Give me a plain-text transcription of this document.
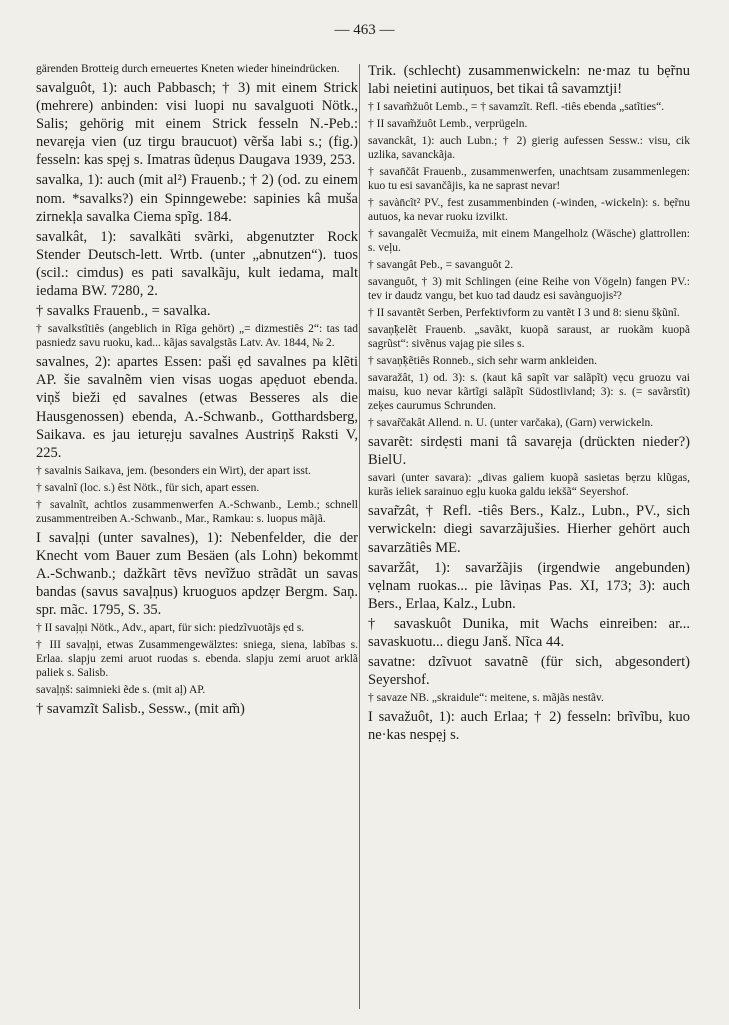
— 463 —

gärenden Brotteig durch erneuertes Kneten wieder hineindrücken.

savalguôt, 1): auch Pabbasch; † 3) mit einem Strick (mehrere) anbinden: visi luopi nu savalguoti Nötk., Salis; gehörig mit einem Strick fesseln N.-Peb.: nevarẹja vien (uz tirgu braucuot) vẽrša labi s.; (fig.) fesseln: kas spẹj s. Imatras ũdeņus Daugava 1939, 253.

savalka, 1): auch (mit al²) Frauenb.; † 2) (od. zu einem nom. *savalks?) ein Spinngewebe: sapinies kâ muša zirnekļa savalka Ciema spĩg. 184.

savalkât, 1): savalkãti svãrki, abgenutzter Rock Stender Deutsch-lett. Wrtb. (unter „abnutzen“). tuos (scil.: cimdus) es pati savalkãju, kult iedama, malt iedama BW. 7280, 2.

† savalks Frauenb., = savalka.

† savalkstĩtiês (angeblich in Rĩga gehört) „= dizmestiês 2“: tas tad pasniedz savu ruoku, kad... kãjas savalgstãs Latv. Av. 1844, № 2.

savalnes, 2): apartes Essen: paši ẹd savalnes pa klẽti AP. šie savalnẽm vien visas uogas apẹduot ebenda. viņš bieži ẹd savalnes (etwas Besseres als die Hausgenossen) ebenda, A.-Schwanb., Gotthardsberg, Saikava. es jau ieturẹju savalnes Austriņš Raksti V, 225.

† savalnis Saikava, jem. (besonders ein Wirt), der apart isst.

† savalnĩ (loc. s.) êst Nötk., für sich, apart essen.

† savalnĩt, achtlos zusammenwerfen A.-Schwanb., Lemb.; schnell zusammentreiben A.-Schwanb., Mar., Ramkau: s. luopus mãjã.

I savaļņi (unter savalnes), 1): Nebenfelder, die der Knecht vom Bauer zum Besäen (als Lohn) bekommt A.-Schwanb.; dažkãrt tẽvs nevĩžuo strãdãt un savas bandas (savus savaļņus) kruoguos apdzẹr Bergm. Saņ. spr. mãc. 1795, S. 35.

† II savaļņi Nötk., Adv., apart, für sich: piedzĩvuotãjs ẹd s.

† III savaļņi, etwas Zusammengewälztes: sniega, siena, labĩbas s. Erlaa. slapju zemi aruot ruodas s. ebenda. slapju zemi aruot arklã paliek s. Salisb.

savaļņš: saimnieki ẽde s. (mit aļ) AP.

† savamzĩt Salisb., Sessw., (mit am̃)

Trik. (schlecht) zusammenwickeln: ne·maz tu bẹ̃rnu labi neietini autiņuos, bet tikai tâ savamztji!

† I savam̃žuôt Lemb., = † savamzĩt. Refl. -tiês ebenda „satĩties“.

† II savam̃žuôt Lemb., verprügeln.

savanckât, 1): auch Lubn.; † 2) gierig aufessen Sessw.: visu, cik uzlika, savanckãja.

† savan̄čât Frauenb., zusammenwerfen, unachtsam zusammenlegen: kuo tu esi savančãjis, ka ne saprast nevar!

† savàn̄cĩt² PV., fest zusammenbinden (-winden, -wickeln): s. bẹ̃rnu autuos, ka nevar ruoku izvilkt.

† savangalẽt Vecmuiža, mit einem Mangelholz (Wäsche) glattrollen: s. veļu.

† savangât Peb., = savanguôt 2.

savanguôt, † 3) mit Schlingen (eine Reihe von Vögeln) fangen PV.: tev ir daudz vangu, bet kuo tad daudz esi savànguojis²?

† II savantẽt Serben, Perfektivform zu vantẽt I 3 und 8: sienu šķũnĩ.

savaņ̃ķelẽt Frauenb. „savãkt, kuopã saraust, ar ruokãm kuopã sagrũst“: sivẽnus vajag pie siles s.

† savaņ̃ķẽtiês Ronneb., sich sehr warm ankleiden.

savaražât, 1) od. 3): s. (kaut kâ sapĩt var salãpĩt) vẹcu gruozu vai maisu, kuo nevar kãrtĩgi salãpĩt Südostlivland; 3): s. (= savãrstĩt) zeķes caurumus Schrunden.

† savar̃čakât Allend. n. U. (unter varčaka), (Garn) verwickeln.

savarẽt: sirdẹsti mani tâ savarẹja (drückten nieder?) BielU.

savari (unter savara): „divas galiem kuopã sasietas bẹrzu klũgas, kurãs ieliek sarainuo egļu kuoka galdu iekšã“ Seyershof.

savar̃zât, † Refl. -tiês Bers., Kalz., Lubn., PV., sich verwickeln: diegi savarzãjušies. Hierher gehört auch savarzãtiês ME.

savaržât, 1): savaržãjis (irgendwie angebunden) vẹlnam ruokas... pie lãviņas Pas. XI, 173; 3): auch Bers., Erlaa, Kalz., Lubn.

† savaskuôt Dunika, mit Wachs einreiben: ar... savaskuotu... diegu Janš. Nĩca 44.

savatne: dzĩvuot savatnẽ (für sich, abgesondert) Seyershof.

† savaze NB. „skraidule“: meitene, s. mãjãs nestãv.

I savažuôt, 1): auch Erlaa; † 2) fesseln: brĩvĩbu, kuo ne·kas nespẹj s.
